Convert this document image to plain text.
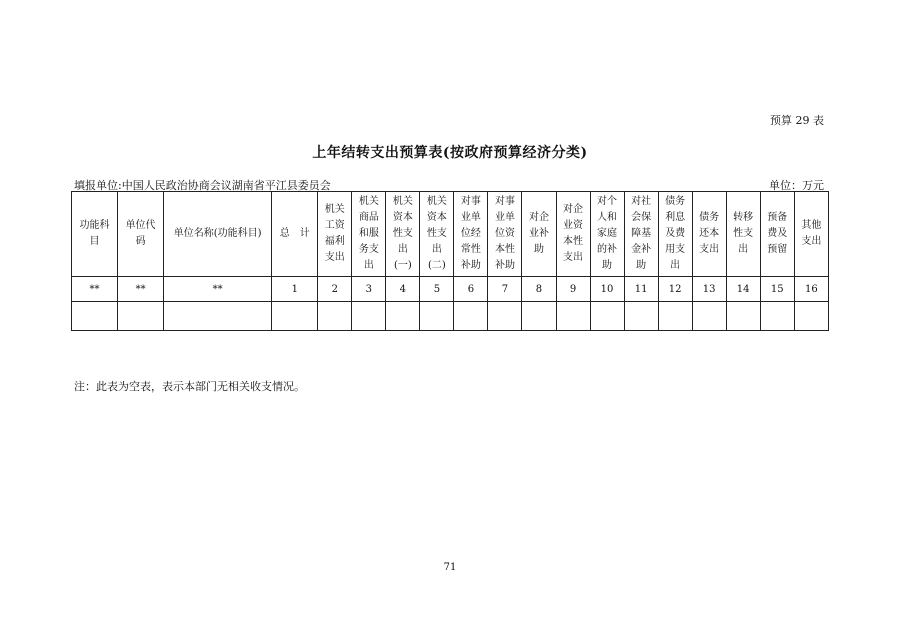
预算 29 表
上年结转支出预算表(按政府预算经济分类)
填报单位:中国人民政治协商会议湖南省平江县委员会	单位：万元
功能科
目	单位代
码	单位名称(功能科目)	总　计	机关
工资
福利
支出	机关
商品
和服
务支
出	机关
资本
性支
出
(一)	机关
资本
性支
出
(二)	对事
业单
位经
常性
补助	对事
业单
位资
本性
补助	对企
业补
助	对企
业资
本性
支出	对个
人和
家庭
的补
助	对社
会保
障基
金补
助	债务
利息
及费
用支
出	债务
还本
支出	转移
性支
出	预备
费及
预留	其他
支出
**	**	**	1	2	3	4	5	6	7	8	9	10	11	12	13	14	15	16

注：此表为空表，表示本部门无相关收支情况。
71
